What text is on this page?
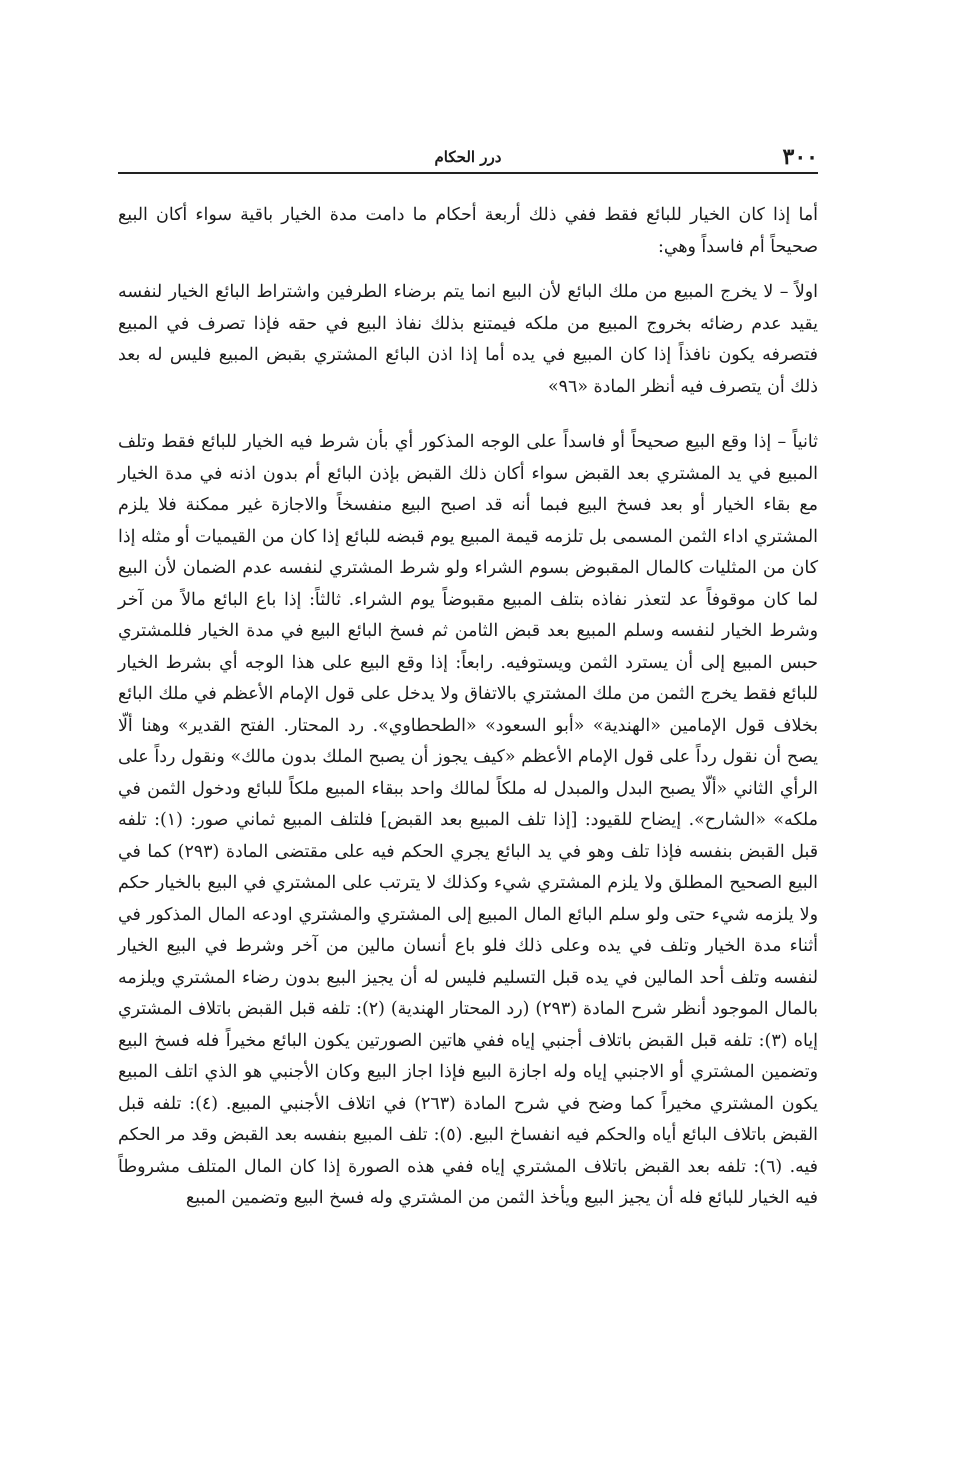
٣٠٠
درر الحكام

أما إذا كان الخيار للبائع فقط ففي ذلك أربعة أحكام ما دامت مدة الخيار باقية سواء أكان البيع صحيحاً أم فاسداً وهي:

اولاً – لا يخرج المبيع من ملك البائع لأن البيع انما يتم برضاء الطرفين واشتراط البائع الخيار لنفسه يقيد عدم رضائه بخروج المبيع من ملكه فيمتنع بذلك نفاذ البيع في حقه فإذا تصرف في المبيع فتصرفه يكون نافذاً إذا كان المبيع في يده أما إذا اذن البائع المشتري بقبض المبيع فليس له بعد ذلك أن يتصرف فيه أنظر المادة «٩٦»

ثانياً – إذا وقع البيع صحيحاً أو فاسداً على الوجه المذكور أي بأن شرط فيه الخيار للبائع فقط وتلف المبيع في يد المشتري بعد القبض سواء أكان ذلك القبض بإذن البائع أم بدون اذنه في مدة الخيار مع بقاء الخيار أو بعد فسخ البيع فبما أنه قد اصبح البيع منفسخاً والاجازة غير ممكنة فلا يلزم المشتري اداء الثمن المسمى بل تلزمه قيمة المبيع يوم قبضه للبائع إذا كان من القيميات أو مثله إذا كان من المثليات كالمال المقبوض بسوم الشراء ولو شرط المشتري لنفسه عدم الضمان لأن البيع لما كان موقوفاً عد لتعذر نفاذه بتلف المبيع مقبوضاً يوم الشراء. ثالثاً: إذا باع البائع مالاً من آخر وشرط الخيار لنفسه وسلم المبيع بعد قبض الثامن ثم فسخ البائع البيع في مدة الخيار فللمشتري حبس المبيع إلى أن يسترد الثمن ويستوفيه. رابعاً: إذا وقع البيع على هذا الوجه أي بشرط الخيار للبائع فقط يخرج الثمن من ملك المشتري بالاتفاق ولا يدخل على قول الإمام الأعظم في ملك البائع بخلاف قول الإمامين «الهندية» «أبو السعود» «الطحطاوي». رد المحتار. الفتح القدير» وهنا ألّا يصح أن نقول رداً على قول الإمام الأعظم «كيف يجوز أن يصبح الملك بدون مالك» ونقول رداً على الرأي الثاني «ألّا يصبح البدل والمبدل له ملكاً لمالك واحد ببقاء المبيع ملكاً للبائع ودخول الثمن في ملكه» «الشارح». إيضاح للقيود: [إذا تلف المبيع بعد القبض] فلتلف المبيع ثماني صور: (١): تلفه قبل القبض بنفسه فإذا تلف وهو في يد البائع يجري الحكم فيه على مقتضى المادة (٢٩٣) كما في البيع الصحيح المطلق ولا يلزم المشتري شيء وكذلك لا يترتب على المشتري في البيع بالخيار حكم ولا يلزمه شيء حتى ولو سلم البائع المال المبيع إلى المشتري والمشتري اودعه المال المذكور في أثناء مدة الخيار وتلف في يده وعلى ذلك فلو باع أنسان مالين من آخر وشرط في البيع الخيار لنفسه وتلف أحد المالين في يده قبل التسليم فليس له أن يجيز البيع بدون رضاء المشتري ويلزمه بالمال الموجود أنظر شرح المادة (٢٩٣) (رد المحتار الهندية) (٢): تلفه قبل القبض باتلاف المشتري إياه (٣): تلفه قبل القبض باتلاف أجنبي إياه ففي هاتين الصورتين يكون البائع مخيراً فله فسخ البيع وتضمين المشتري أو الاجنبي إياه وله اجازة البيع فإذا اجاز البيع وكان الأجنبي هو الذي اتلف المبيع يكون المشتري مخيراً كما وضح في شرح المادة (٢٦٣) في اتلاف الأجنبي المبيع. (٤): تلفه قبل القبض باتلاف البائع أياه والحكم فيه انفساخ البيع. (٥): تلف المبيع بنفسه بعد القبض وقد مر الحكم فيه. (٦): تلفه بعد القبض باتلاف المشتري إياه ففي هذه الصورة إذا كان المال المتلف مشروطاً فيه الخيار للبائع فله أن يجيز البيع ويأخذ الثمن من المشتري وله فسخ البيع وتضمين المبيع
